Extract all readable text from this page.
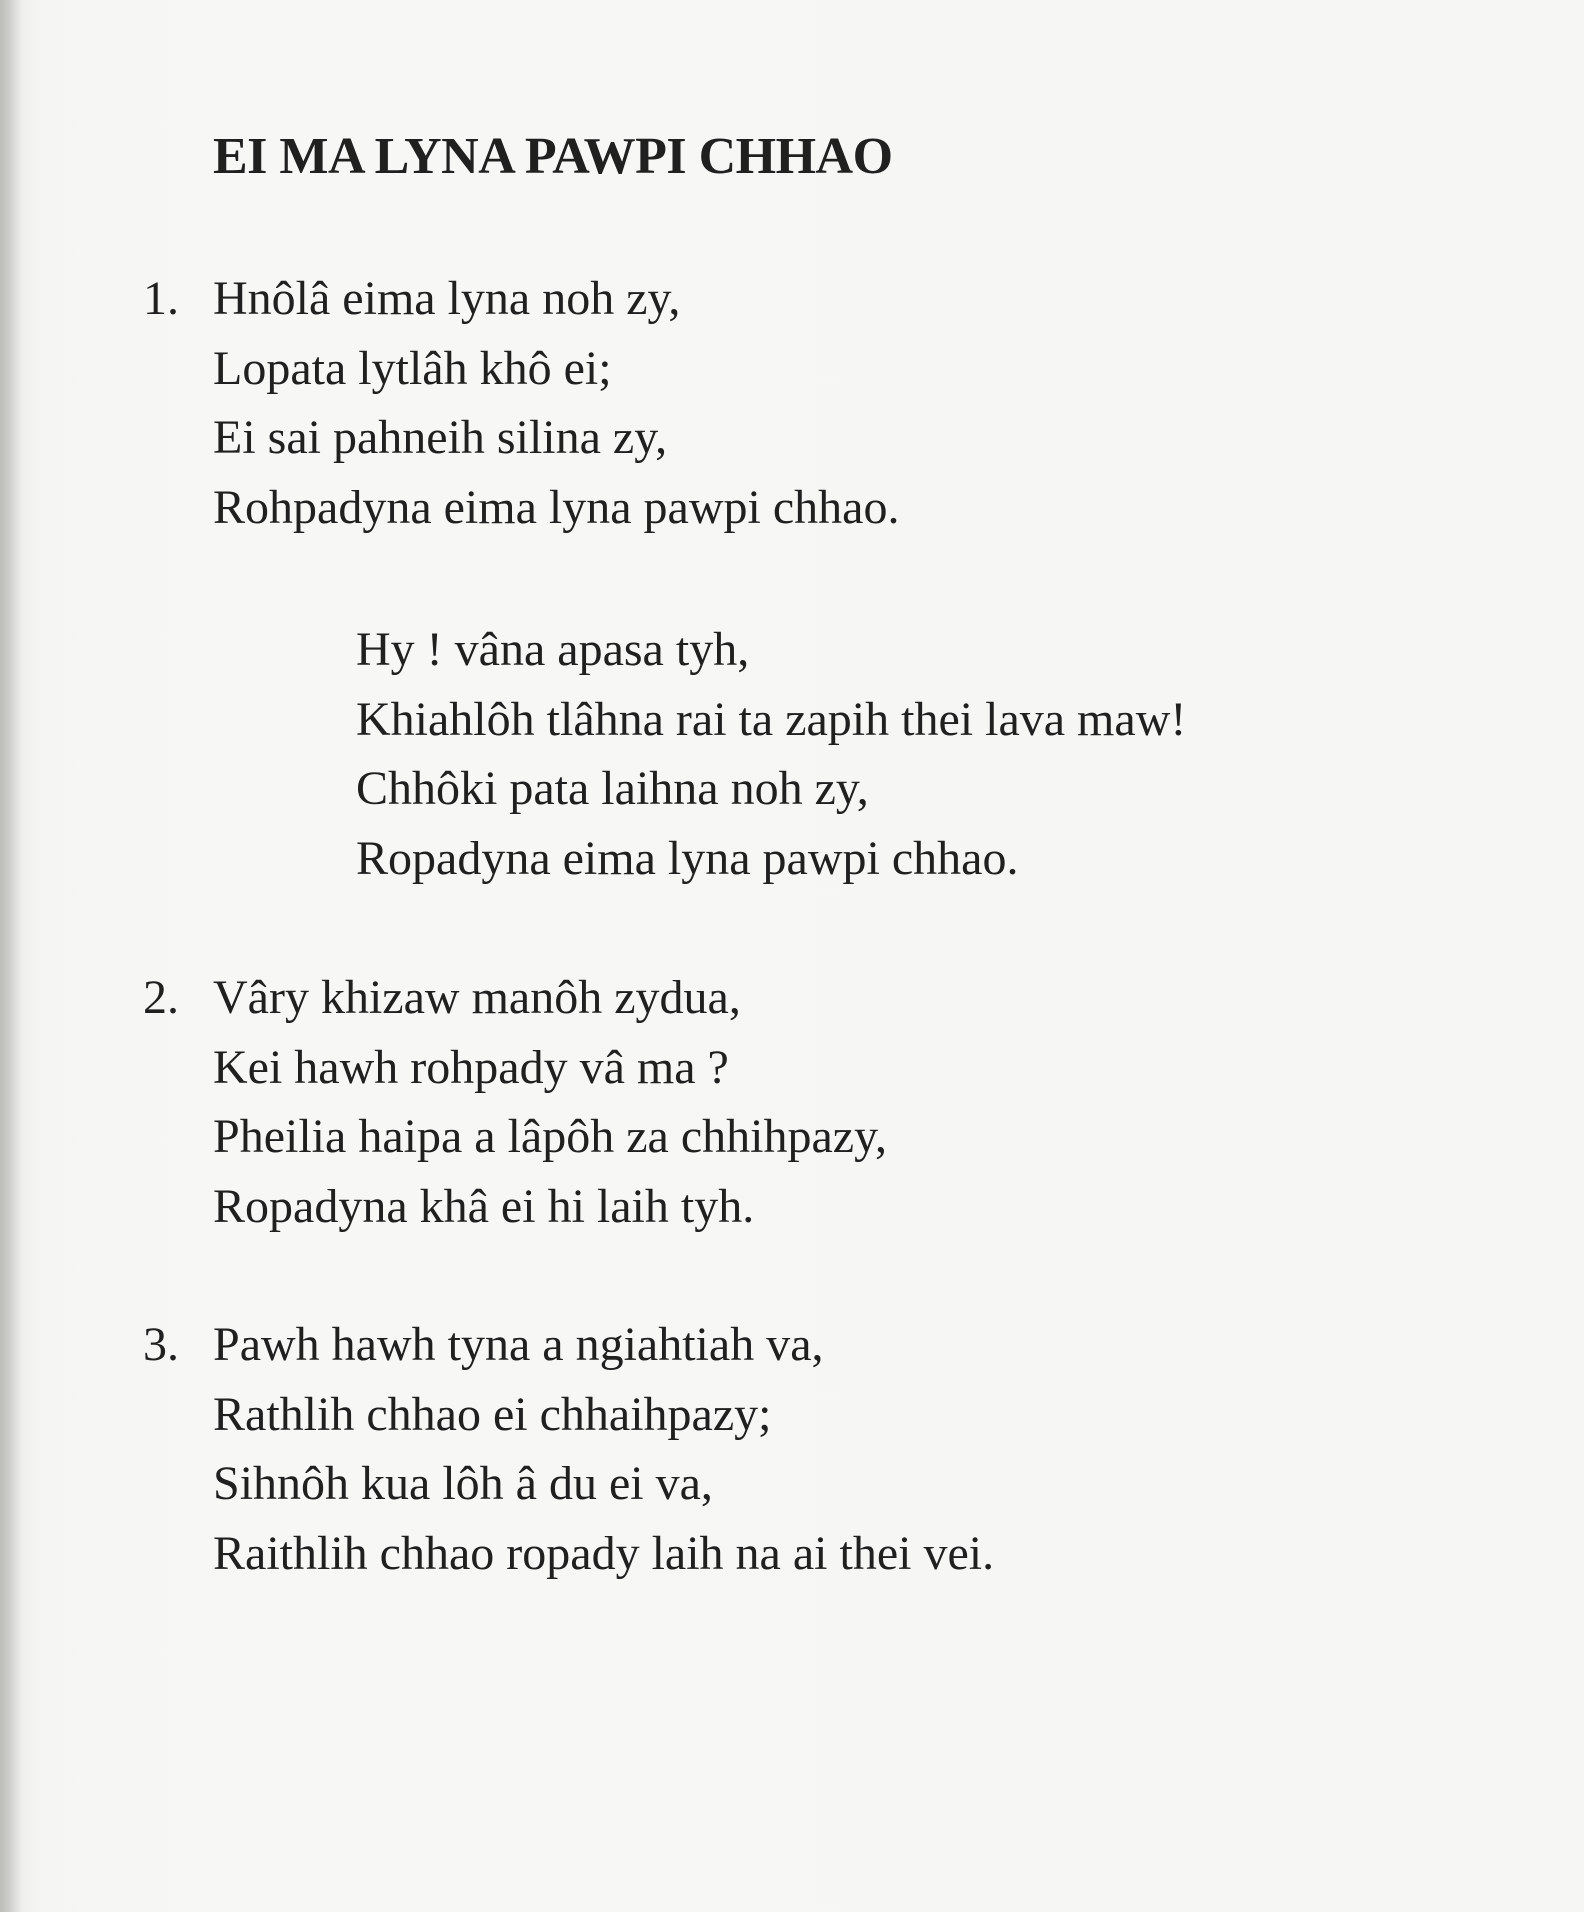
EI MA LYNA PAWPI CHHAO
1. Hnôlâ eima lyna noh zy,
Lopata lytlâh khô ei;
Ei sai pahneih silina zy,
Rohpadyna eima lyna pawpi chhao.
Hy ! vâna apasa tyh,
Khiahlôh tlâhna rai ta zapih thei lava maw!
Chhôki pata laihna noh zy,
Ropadyna eima lyna pawpi chhao.
2. Vâry khizaw manôh zydua,
Kei hawh rohpady vâ ma ?
Pheilia haipa a lâpôh za chhihpazy,
Ropadyna khâ ei hi laih tyh.
3. Pawh hawh tyna a ngiahtiah va,
Rathlih chhao ei chhaihpazy;
Sihnôh kua lôh â du ei va,
Raithlih chhao ropady laih na ai thei vei.
